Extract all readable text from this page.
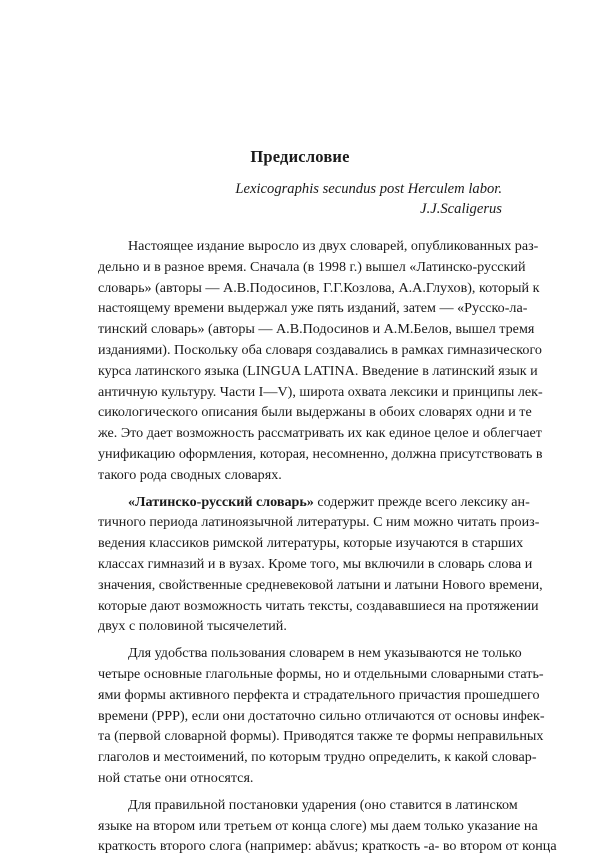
Предисловие
Lexicographis secundus post Herculem labor.
J.J.Scaligerus
Настоящее издание выросло из двух словарей, опубликованных раз-
дельно и в разное время. Сначала (в 1998 г.) вышел «Латинско-русский
словарь» (авторы — А.В.Подосинов, Г.Г.Козлова, А.А.Глухов), который к
настоящему времени выдержал уже пять изданий, затем — «Русско-ла-
тинский словарь» (авторы — А.В.Подосинов и А.М.Белов, вышел тремя
изданиями). Поскольку оба словаря создавались в рамках гимназического
курса латинского языка (LINGUA LATINA. Введение в латинский язык и
античную культуру. Части I—V), широта охвата лексики и принципы лек-
сикологического описания были выдержаны в обоих словарях одни и те
же. Это дает возможность рассматривать их как единое целое и облегчает
унификацию оформления, которая, несомненно, должна присутствовать в
такого рода сводных словарях.
«Латинско-русский словарь» содержит прежде всего лексику ан-
тичного периода латиноязычной литературы. С ним можно читать произ-
ведения классиков римской литературы, которые изучаются в старших
классах гимназий и в вузах. Кроме того, мы включили в словарь слова и
значения, свойственные средневековой латыни и латыни Нового времени,
которые дают возможность читать тексты, создававшиеся на протяжении
двух с половиной тысячелетий.
Для удобства пользования словарем в нем указываются не только
четыре основные глагольные формы, но и отдельными словарными стать-
ями формы активного перфекта и страдательного причастия прошедшего
времени (PPP), если они достаточно сильно отличаются от основы инфек-
та (первой словарной формы). Приводятся также те формы неправильных
глаголов и местоимений, по которым трудно определить, к какой словар-
ной статье они относятся.
Для правильной постановки ударения (оно ставится в латинском
языке на втором или третьем от конца слоге) мы даем только указание на
краткость второго слога (например: abăvus; краткость -a- во втором от конца
